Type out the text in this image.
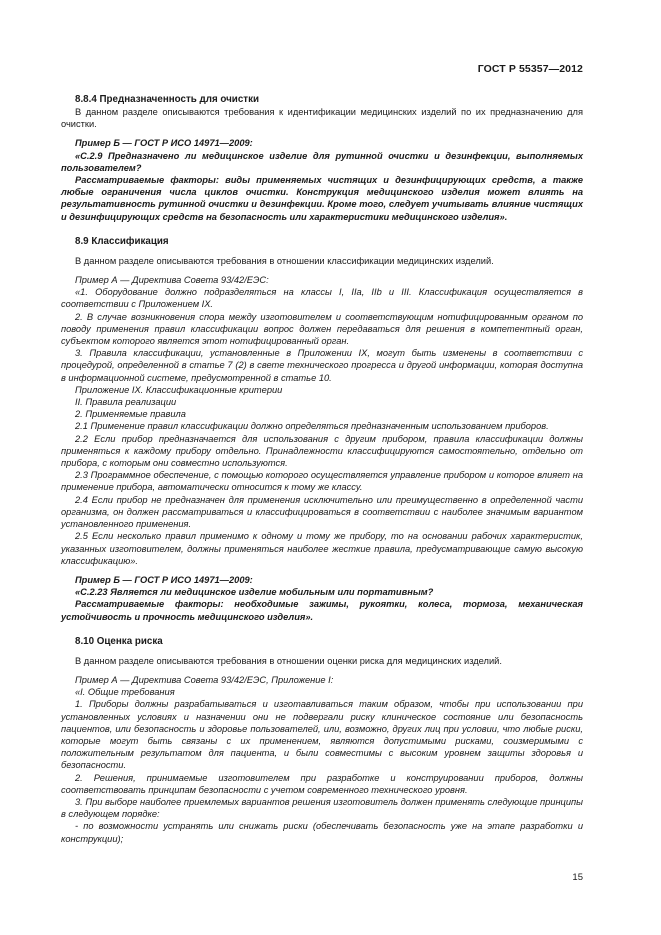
ГОСТ Р 55357—2012
8.8.4 Предназначенность для очистки

В данном разделе описываются требования к идентификации медицинских изделий по их предназначению для очистки.

Пример Б — ГОСТ Р ИСО 14971—2009:

«С.2.9 Предназначено ли медицинское изделие для рутинной очистки и дезинфекции, выполняемых пользователем?

Рассматриваемые факторы: виды применяемых чистящих и дезинфицирующих средств, а также любые ограничения числа циклов очистки. Конструкция медицинского изделия может влиять на результативность рутинной очистки и дезинфекции. Кроме того, следует учитывать влияние чистящих и дезинфицирующих средств на безопасность или характеристики медицинского изделия».

8.9 Классификация

В данном разделе описываются требования в отношении классификации медицинских изделий.

Пример А — Директива Совета 93/42/ЕЭС:

«1. Оборудование должно подразделяться на классы I, IIa, IIb и III. Классификация осуществляется в соответствии с Приложением IX.

2. В случае возникновения спора между изготовителем и соответствующим нотифицированным органом по поводу применения правил классификации вопрос должен передаваться для решения в компетентный орган, субъектом которого является этот нотифицированный орган.

3. Правила классификации, установленные в Приложении IX, могут быть изменены в соответствии с процедурой, определенной в статье 7 (2) в свете технического прогресса и другой информации, которая доступна в информационной системе, предусмотренной в статье 10.

Приложение IX. Классификационные критерии

II. Правила реализации

2. Применяемые правила

2.1 Применение правил классификации должно определяться предназначенным использованием приборов.

2.2 Если прибор предназначается для использования с другим прибором, правила классификации должны применяться к каждому прибору отдельно. Принадлежности классифицируются самостоятельно, отдельно от прибора, с которым они совместно используются.

2.3 Программное обеспечение, с помощью которого осуществляется управление прибором и которое влияет на применение прибора, автоматически относится к тому же классу.

2.4 Если прибор не предназначен для применения исключительно или преимущественно в определенной части организма, он должен рассматриваться и классифицироваться в соответствии с наиболее значимым вариантом установленного применения.

2.5 Если несколько правил применимо к одному и тому же прибору, то на основании рабочих характеристик, указанных изготовителем, должны применяться наиболее жесткие правила, предусматривающие самую высокую классификацию».

Пример Б — ГОСТ Р ИСО 14971—2009:

«С.2.23 Является ли медицинское изделие мобильным или портативным?

Рассматриваемые факторы: необходимые зажимы, рукоятки, колеса, тормоза, механическая устойчивость и прочность медицинского изделия».

8.10 Оценка риска

В данном разделе описываются требования в отношении оценки риска для медицинских изделий.

Пример А — Директива Совета 93/42/ЕЭС, Приложение I:

«I. Общие требования

1. Приборы должны разрабатываться и изготавливаться таким образом, чтобы при использовании при установленных условиях и назначении они не подвергали риску клиническое состояние или безопасность пациентов, или безопасность и здоровье пользователей, или, возможно, других лиц при условии, что любые риски, которые могут быть связаны с их применением, являются допустимыми рисками, соизмеримыми с положительным результатом для пациента, и были совместимы с высоким уровнем защиты здоровья и безопасности.

2. Решения, принимаемые изготовителем при разработке и конструировании приборов, должны соответствовать принципам безопасности с учетом современного технического уровня.

3. При выборе наиболее приемлемых вариантов решения изготовитель должен применять следующие принципы в следующем порядке:

- по возможности устранять или снижать риски (обеспечивать безопасность уже на этапе разработки и конструкции);

15
